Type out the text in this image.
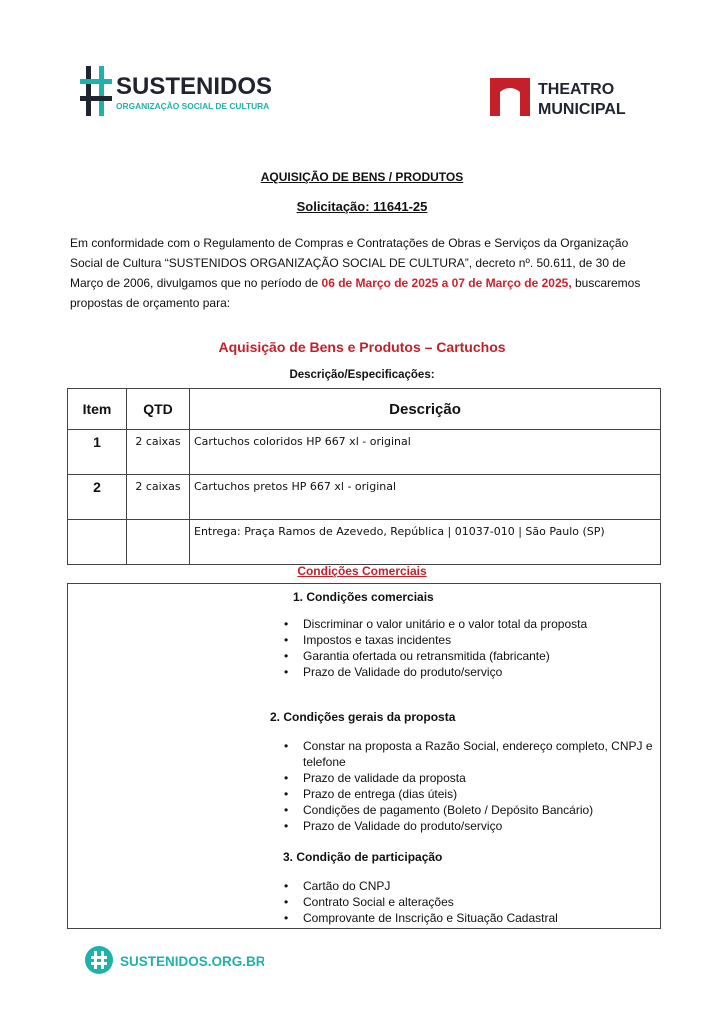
SUSTENIDOS
ORGANIZAÇÃO SOCIAL DE CULTURA
THEATRO
MUNICIPAL
AQUISIÇÃO DE BENS / PRODUTOS
Solicitação: 11641-25
Em conformidade com o Regulamento de Compras e Contratações de Obras e Serviços da Organização Social de Cultura “SUSTENIDOS ORGANIZAÇÃO SOCIAL DE CULTURA”, decreto nº. 50.611, de 30 de Março de 2006, divulgamos que no período de 06 de Março de 2025 a 07 de Março de 2025, buscaremos propostas de orçamento para:
Aquisição de Bens e Produtos – Cartuchos
Descrição/Especificações:
Item	QTD	Descrição
1	2 caixas	Cartuchos coloridos HP 667 xl - original
2	2 caixas	Cartuchos pretos HP 667 xl - original
		Entrega: Praça Ramos de Azevedo, República | 01037-010 | São Paulo (SP)
Condições Comerciais
1. Condições comerciais
• Discriminar o valor unitário e o valor total da proposta
• Impostos e taxas incidentes
• Garantia ofertada ou retransmitida (fabricante)
• Prazo de Validade do produto/serviço
2. Condições gerais da proposta
• Constar na proposta a Razão Social, endereço completo, CNPJ e telefone
• Prazo de validade da proposta
• Prazo de entrega (dias úteis)
• Condições de pagamento (Boleto / Depósito Bancário)
• Prazo de Validade do produto/serviço
3. Condição de participação
• Cartão do CNPJ
• Contrato Social e alterações
• Comprovante de Inscrição e Situação Cadastral
SUSTENIDOS.ORG.BR
